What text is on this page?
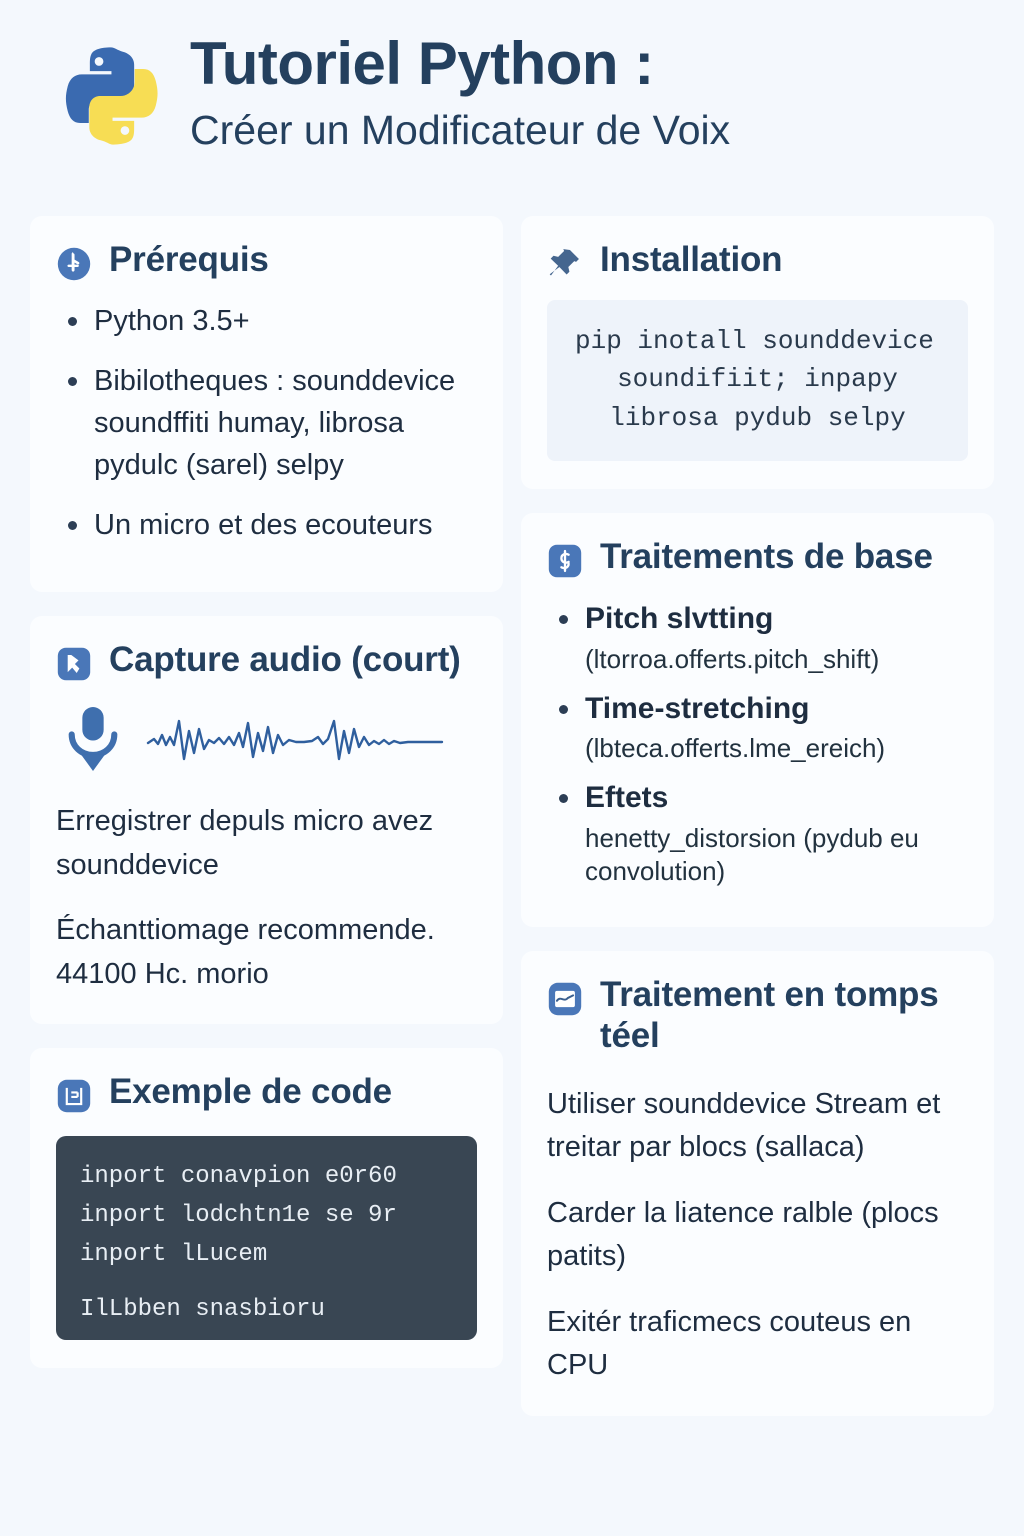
Tutoriel Python :
Créer un Modificateur de Voix
Prérequis
Python 3.5+
Bibilotheques : sounddevice soundffiti humay, librosa pydulc (sarel) selpy
Un micro et des ecouteurs
Capture audio (court)

Erregistrer depuls micro avez sounddevice

Échanttiomage recommende. 44100 Hc. morio

Exemple de code
inport conavpion e0r60
inport lodchtn1e se 9r
inport lLucem
IlLbben snasbioru
Installation
pip inotall sounddevice
soundifiit; inpapy
librosa pydub selpy
Traitements de base
Pitch slvtting
(ltorroa.offerts.pitch_shift)
Time-stretching
(lbteca.offerts.lme_ereich)
Eftets
henetty_distorsion (pydub eu convolution)
Traitement en tomps téel

Utiliser sounddevice Stream et treitar par blocs (sallaca)

Carder la liatence ralble (plocs patits)

Exitér traficmecs couteus en CPU
